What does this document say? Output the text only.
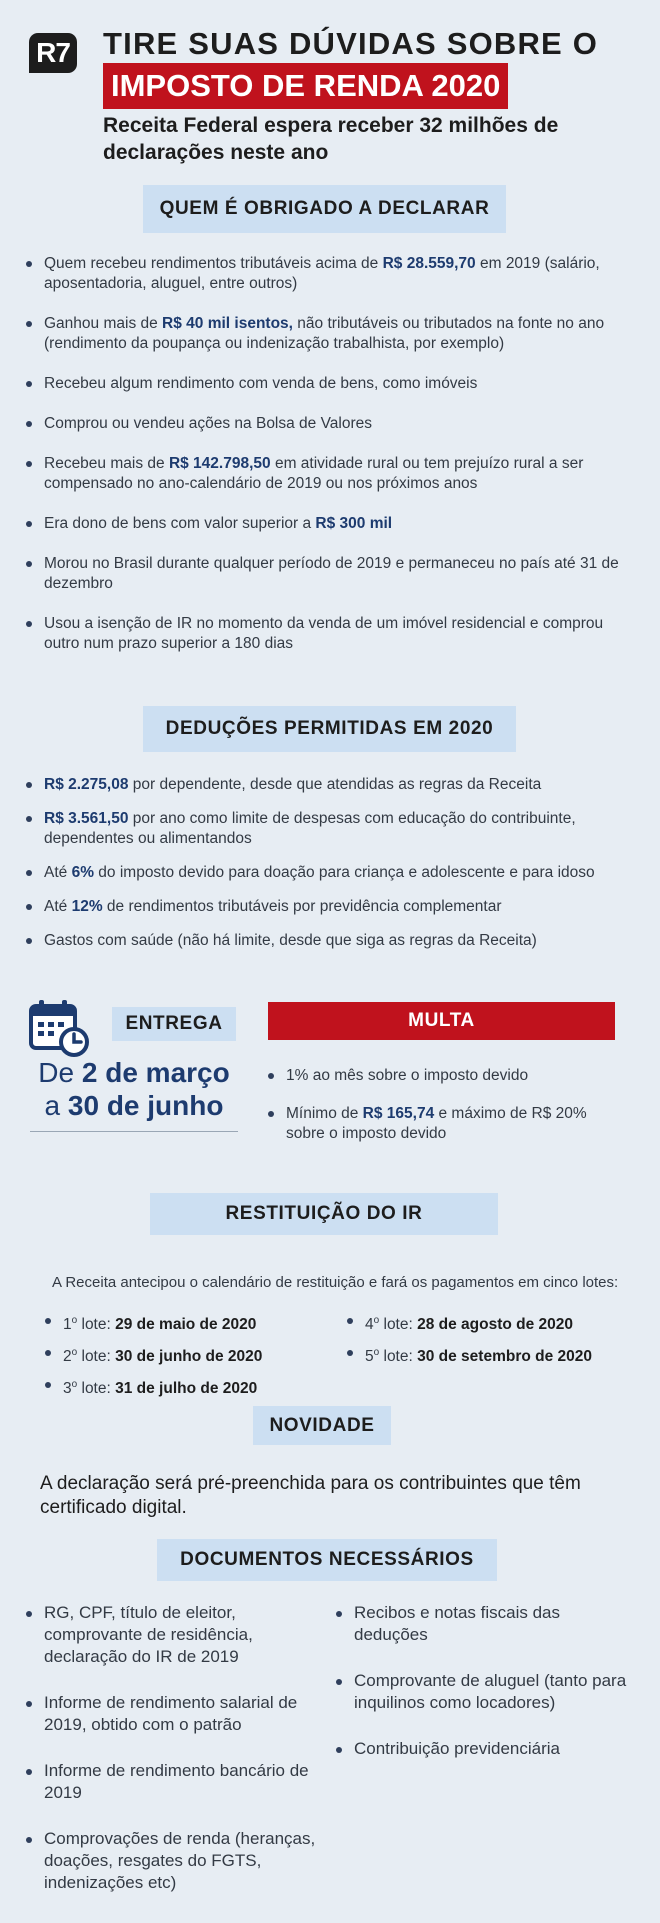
R7 TIRE SUAS DÚVIDAS SOBRE O
IMPOSTO DE RENDA 2020
Receita Federal espera receber 32 milhões de declarações neste ano
QUEM É OBRIGADO A DECLARAR
Quem recebeu rendimentos tributáveis acima de R$ 28.559,70 em 2019 (salário, aposentadoria, aluguel, entre outros)
Ganhou mais de R$ 40 mil isentos, não tributáveis ou tributados na fonte no ano (rendimento da poupança ou indenização trabalhista, por exemplo)
Recebeu algum rendimento com venda de bens, como imóveis
Comprou ou vendeu ações na Bolsa de Valores
Recebeu mais de R$ 142.798,50 em atividade rural ou tem prejuízo rural a ser compensado no ano-calendário de 2019 ou nos próximos anos
Era dono de bens com valor superior a R$ 300 mil
Morou no Brasil durante qualquer período de 2019 e permaneceu no país até 31 de dezembro
Usou a isenção de IR no momento da venda de um imóvel residencial e comprou outro num prazo superior a 180 dias
DEDUÇÕES PERMITIDAS EM 2020
R$ 2.275,08 por dependente, desde que atendidas as regras da Receita
R$ 3.561,50 por ano como limite de despesas com educação do contribuinte, dependentes ou alimentandos
Até 6% do imposto devido para doação para criança e adolescente e para idoso
Até 12% de rendimentos tributáveis por previdência complementar
Gastos com saúde (não há limite, desde que siga as regras da Receita)
ENTREGA
De 2 de março
a 30 de junho
MULTA
1% ao mês sobre o imposto devido
Mínimo de R$ 165,74 e máximo de R$ 20% sobre o imposto devido
RESTITUIÇÃO DO IR
A Receita antecipou o calendário de restituição e fará os pagamentos em cinco lotes:
1$^o$ lote: 29 de maio de 2020
2$^o$ lote: 30 de junho de 2020
3$^o$ lote: 31 de julho de 2020
4$^o$ lote: 28 de agosto de 2020
5$^o$ lote: 30 de setembro de 2020
NOVIDADE
A declaração será pré-preenchida para os contribuintes que têm certificado digital.
DOCUMENTOS NECESSÁRIOS
RG, CPF, título de eleitor, comprovante de residência, declaração do IR de 2019
Informe de rendimento salarial de 2019, obtido com o patrão
Informe de rendimento bancário de 2019
Comprovações de renda (heranças, doações, resgates do FGTS, indenizações etc)
Recibos e notas fiscais das deduções
Comprovante de aluguel (tanto para inquilinos como locadores)
Contribuição previdenciária
